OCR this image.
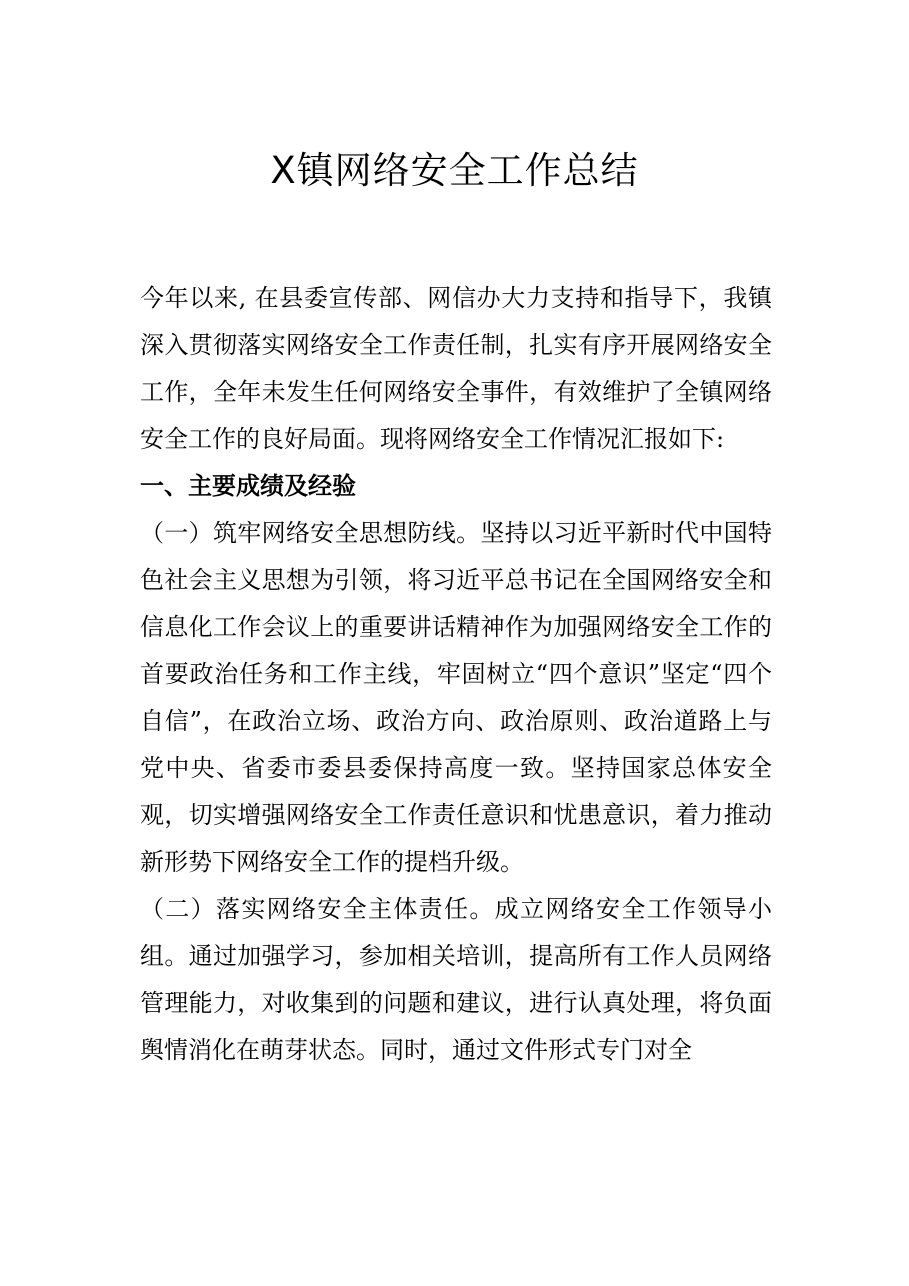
X镇网络安全工作总结

今年以来, 在县委宣传部、网信办大力支持和指导下，我镇深入贯彻落实网络安全工作责任制，扎实有序开展网络安全工作，全年未发生任何网络安全事件，有效维护了全镇网络安全工作的良好局面。现将网络安全工作情况汇报如下:

一、主要成绩及经验

（一）筑牢网络安全思想防线。坚持以习近平新时代中国特色社会主义思想为引领，将习近平总书记在全国网络安全和信息化工作会议上的重要讲话精神作为加强网络安全工作的首要政治任务和工作主线，牢固树立“四个意识”坚定“四个自信”，在政治立场、政治方向、政治原则、政治道路上与党中央、省委市委县委保持高度一致。坚持国家总体安全观，切实增强网络安全工作责任意识和忧患意识，着力推动新形势下网络安全工作的提档升级。

（二）落实网络安全主体责任。成立网络安全工作领导小组。通过加强学习，参加相关培训，提高所有工作人员网络管理能力，对收集到的问题和建议，进行认真处理，将负面舆情消化在萌芽状态。同时，通过文件形式专门对全
